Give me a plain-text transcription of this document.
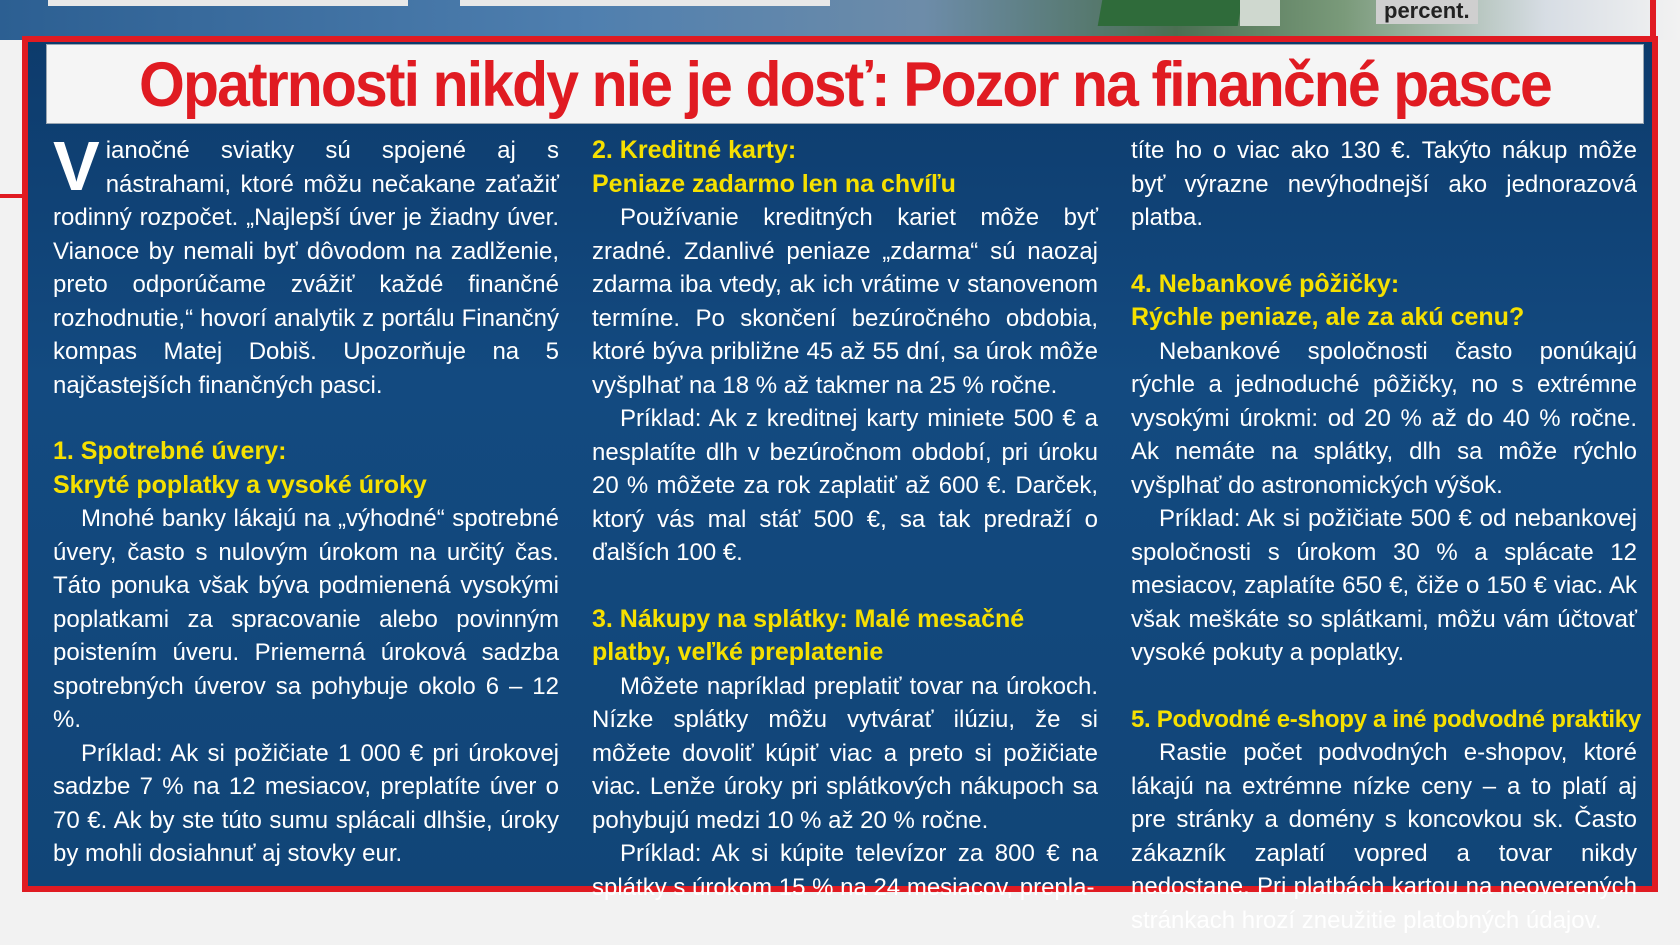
percent.
Opatrnosti nikdy nie je dosť: Pozor na finančné pasce

Vianočné sviatky sú spojené aj s nástrahami, ktoré môžu nečakane zaťažiť rodinný rozpočet. „Najlepší úver je žiadny úver. Vianoce by nemali byť dôvodom na zadlženie, preto odporúčame zvážiť každé finančné rozhodnutie,“ hovorí analytik z portálu Finančný kompas Matej Dobiš. Upozorňuje na 5 najčastejších finančných pasci.

1. Spotrebné úvery:
Skryté poplatky a vysoké úroky

Mnohé banky lákajú na „výhodné“ spotrebné úvery, často s nulovým úrokom na určitý čas. Táto ponuka však býva podmienená vysokými poplatkami za spracovanie alebo povinným poistením úveru. Priemerná úroková sadzba spotrebných úverov sa pohybuje okolo 6 – 12 %.

Príklad: Ak si požičiate 1 000 € pri úrokovej sadzbe 7 % na 12 mesiacov, preplatíte úver o 70 €. Ak by ste túto sumu splácali dlhšie, úroky by mohli dosiahnuť aj stovky eur.

2. Kreditné karty:
Peniaze zadarmo len na chvíľu

Používanie kreditných kariet môže byť zradné. Zdanlivé peniaze „zdarma“ sú naozaj zdarma iba vtedy, ak ich vrátime v stanovenom termíne. Po skončení bezúročného obdobia, ktoré býva približne 45 až 55 dní, sa úrok môže vyšplhať na 18 % až takmer na 25 % ročne.

Príklad: Ak z kreditnej karty miniete 500 € a nesplatíte dlh v bezúročnom období, pri úroku 20 % môžete za rok zaplatiť až 600 €. Darček, ktorý vás mal stáť 500 €, sa tak predraží o ďalších 100 €.

3. Nákupy na splátky: Malé mesačné
platby, veľké preplatenie

Môžete napríklad preplatiť tovar na úrokoch. Nízke splátky môžu vytvárať ilúziu, že si môžete dovoliť kúpiť viac a preto si požičiate viac. Lenže úroky pri splátkových nákupoch sa pohybujú medzi 10 % až 20 % ročne.

Príklad: Ak si kúpite televízor za 800 € na splátky s úrokom 15 % na 24 mesiacov, prepla-

títe ho o viac ako 130 €. Takýto nákup môže byť výrazne nevýhodnejší ako jednorazová platba.

4. Nebankové pôžičky:
Rýchle peniaze, ale za akú cenu?

Nebankové spoločnosti často ponúkajú rýchle a jednoduché pôžičky, no s extrémne vysokými úrokmi: od 20 % až do 40 % ročne. Ak nemáte na splátky, dlh sa môže rýchlo vyšplhať do astronomických výšok.

Príklad: Ak si požičiate 500 € od nebankovej spoločnosti s úrokom 30 % a splácate 12 mesiacov, zaplatíte 650 €, čiže o 150 € viac. Ak však meškáte so splátkami, môžu vám účtovať vysoké pokuty a poplatky.

5. Podvodné e-shopy a iné podvodné praktiky

Rastie počet podvodných e-shopov, ktoré lákajú na extrémne nízke ceny – a to platí aj pre stránky a domény s koncovkou sk. Často zákazník zaplatí vopred a tovar nikdy nedostane. Pri platbách kartou na neoverených stránkach hrozí zneužitie platobných údajov.
